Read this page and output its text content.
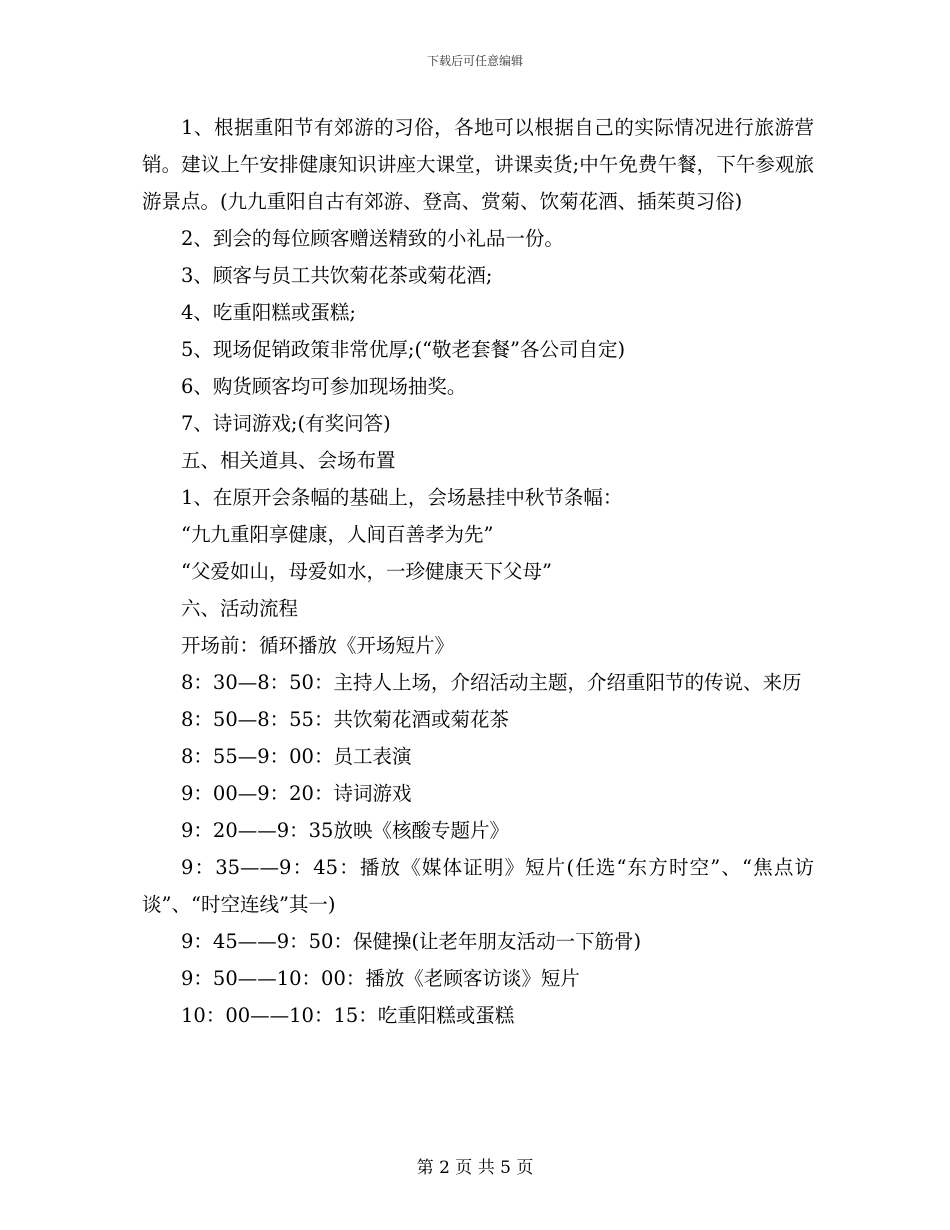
下载后可任意编辑

1、根据重阳节有郊游的习俗，各地可以根据自己的实际情况进行旅游营销。建议上午安排健康知识讲座大课堂，讲课卖货;中午免费午餐，下午参观旅游景点。(九九重阳自古有郊游、登高、赏菊、饮菊花酒、插茱萸习俗)

2、到会的每位顾客赠送精致的小礼品一份。

3、顾客与员工共饮菊花茶或菊花酒;

4、吃重阳糕或蛋糕;

5、现场促销政策非常优厚;(“敬老套餐”各公司自定)

6、购货顾客均可参加现场抽奖。

7、诗词游戏;(有奖问答)

五、相关道具、会场布置

1、在原开会条幅的基础上，会场悬挂中秋节条幅：

“九九重阳享健康，人间百善孝为先”

“父爱如山，母爱如水，一珍健康天下父母”

六、活动流程

开场前：循环播放《开场短片》

8：30—8：50：主持人上场，介绍活动主题，介绍重阳节的传说、来历

8：50—8：55：共饮菊花酒或菊花茶

8：55—9：00：员工表演

9：00—9：20：诗词游戏

9：20——9：35放映《核酸专题片》

9：35——9：45：播放《媒体证明》短片(任选“东方时空”、“焦点访谈”、“时空连线”其一)

9：45——9：50：保健操(让老年朋友活动一下筋骨)

9：50——10：00：播放《老顾客访谈》短片

10：00——10：15：吃重阳糕或蛋糕

第 2 页 共 5 页
